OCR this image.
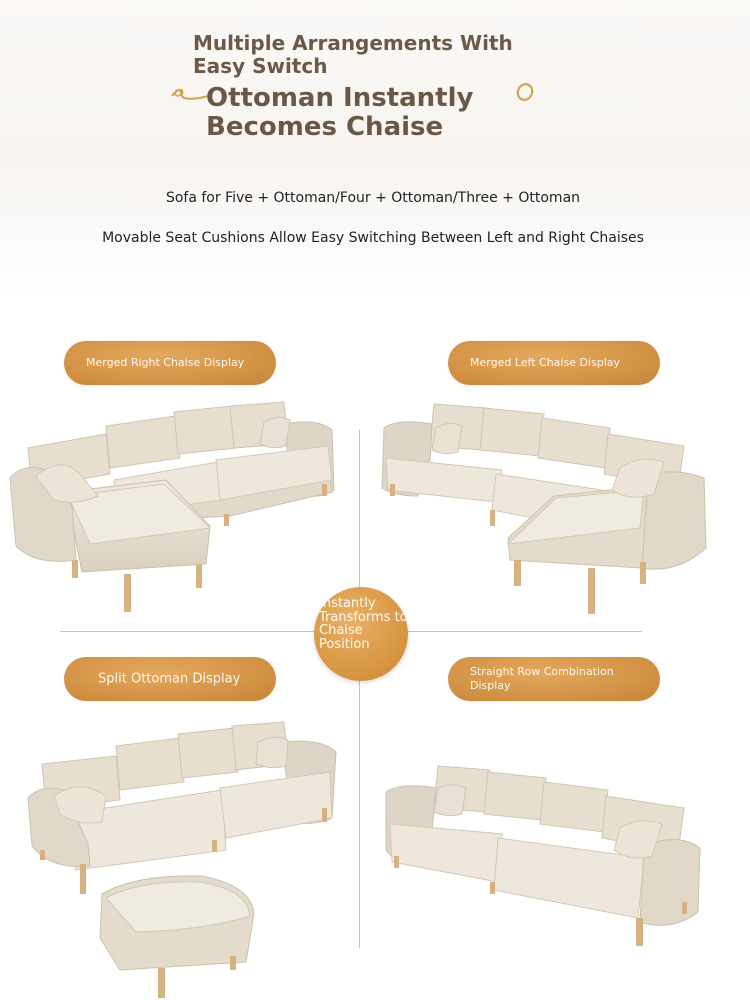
Multiple Arrangements With Easy Switch
Ottoman Instantly Becomes Chaise
Sofa for Five + Ottoman/Four + Ottoman/Three + Ottoman
Movable Seat Cushions Allow Easy Switching Between Left and Right Chaises
Merged Right Chaise Display	Merged Left Chaise Display
Split Ottoman Display	Straight Row Combination Display
Instantly Transforms to Chaise Position
